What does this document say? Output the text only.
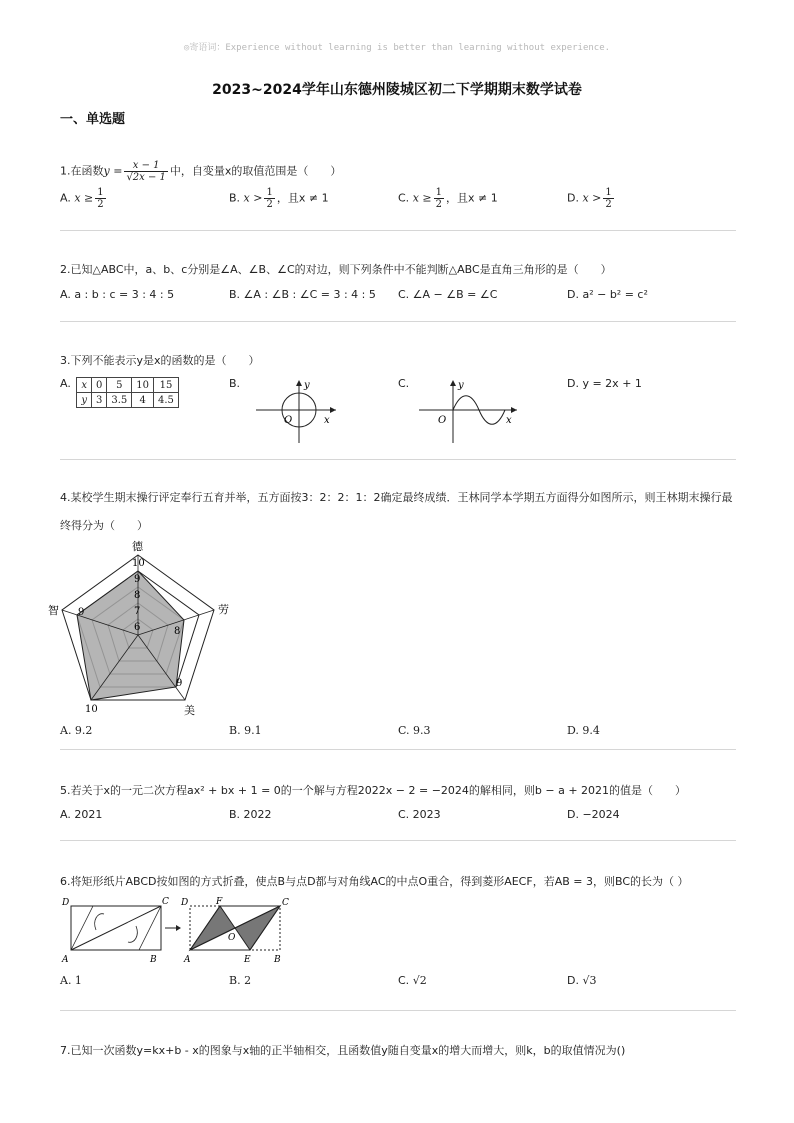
◎寄语词：Experience without learning is better than learning without experience.
2023~2024学年山东德州陵城区初二下学期期末数学试卷
一、单选题
1.在函数$y = \frac{x - 1}{√2x - 1}$ 中，自变量x的取值范围是（　　）
A. $x \ge \frac{1}{2}$	B. $x > \frac{1}{2}$ ，且x ≠ 1	C. $x \ge \frac{1}{2}$ ，且x ≠ 1	D. $x > \frac{1}{2}$
2.已知△ABC中，a、b、c分别是∠A、∠B、∠C的对边，则下列条件中不能判断△ABC是直角三角形的是（　　）
A. a : b : c = 3 : 4 : 5	B. ∠A : ∠B : ∠C = 3 : 4 : 5 C. ∠A − ∠B = ∠C	D. a² − b² = c²
3.下列不能表示y是x的函数的是（　　）
A. x	0	5	10	15
y	3	3.5	4	4.5
B.	y
x
O
C.	y
x
O
D. y = 2x + 1
4.某校学生期末操行评定奉行五育并举，五方面按3：2：2：1：2确定最终成绩．王林同学本学期五方面得分如图所示，则王林期末操行最终得分为（　　）
德
劳
美
10
智
10
9
8
7
6
9
8
9
A. 9.2	B. 9.1	C. 9.3	D. 9.4
5.若关于x的一元二次方程ax² + bx + 1 = 0的一个解与方程2022x − 2 = −2024的解相同，则b − a + 2021的值是（　　）
A. 2021	B. 2022	C. 2023	D. −2024
6.将矩形纸片ABCD按如图的方式折叠，使点B与点D都与对角线AC的中点O重合，得到菱形AECF，若AB = 3，则BC的长为（ ）
D	C
A	B
D	F	C
O
A	E	B
A. 1	B. 2	C. √2	D. √3
7.已知一次函数y=kx+b - x的图象与x轴的正半轴相交，且函数值y随自变量x的增大而增大，则k，b的取值情况为()
